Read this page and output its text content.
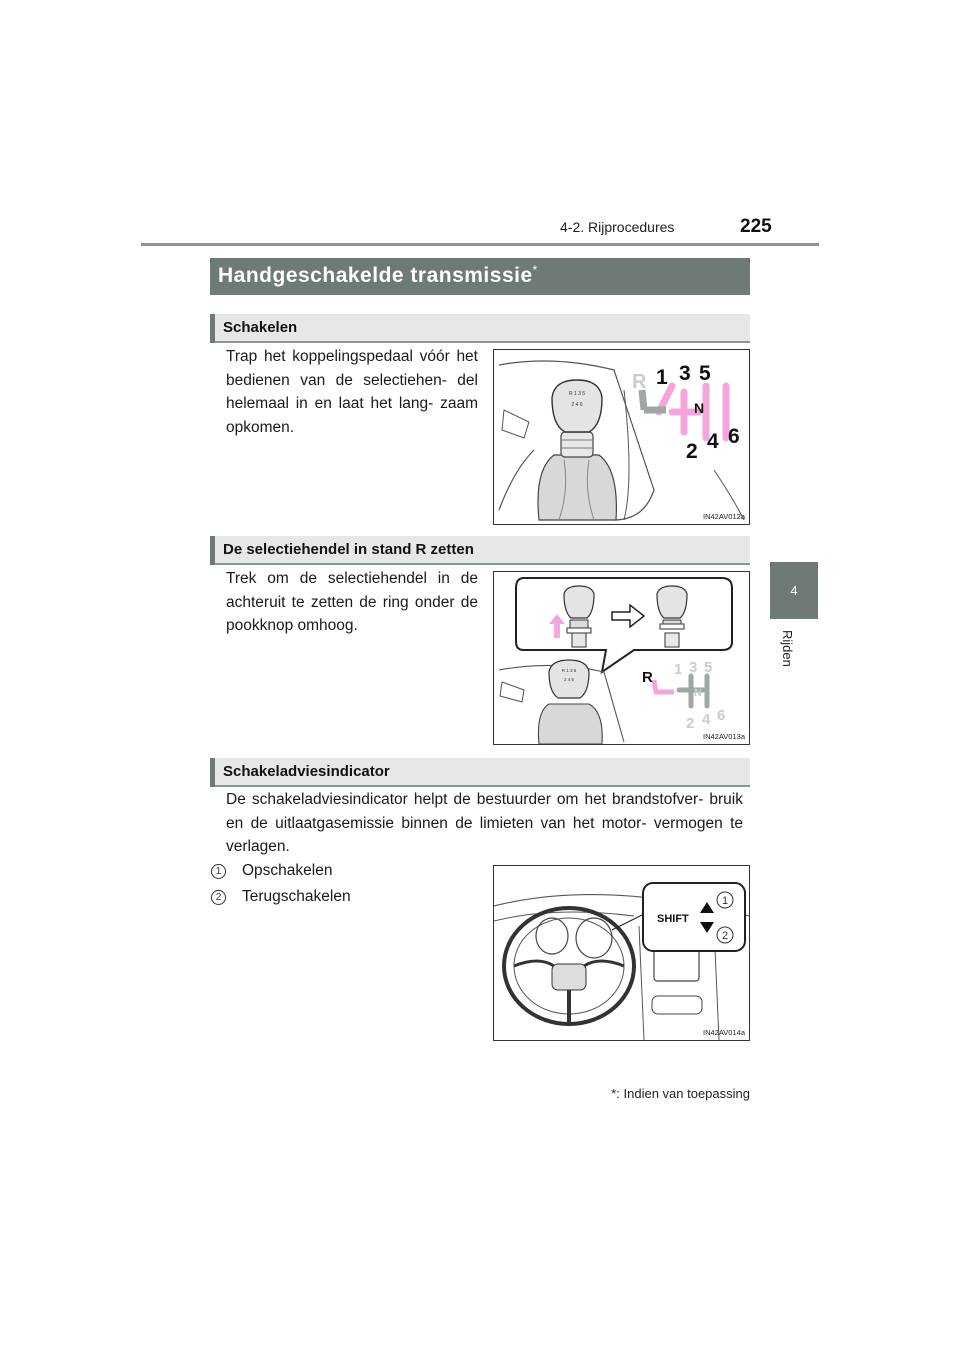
4-2. Rijprocedures	225
4
Rijden
Handgeschakelde transmissie*
Schakelen
Trap het koppelingspedaal vóór het bedienen van de selectiehen- del helemaal in en laat het lang- zaam opkomen.
R 1 3 5
2 4 6
R 1 3 5
N
2 4 6
IN42AV012a
De selectiehendel in stand R zetten
Trek om de selectiehendel in de achteruit te zetten de ring onder de pookknop omhoog.
R 1 3 5
2 4 6	R 1 3 5
N
2 4 6
IN42AV013a
Schakeladviesindicator
De schakeladviesindicator helpt de bestuurder om het brandstofver- bruik en de uitlaatgasemissie binnen de limieten van het motor- vermogen te verlagen.
1	Opschakelen
2	Terugschakelen
SHIFT
1
2
IN42AV014a
*: Indien van toepassing
